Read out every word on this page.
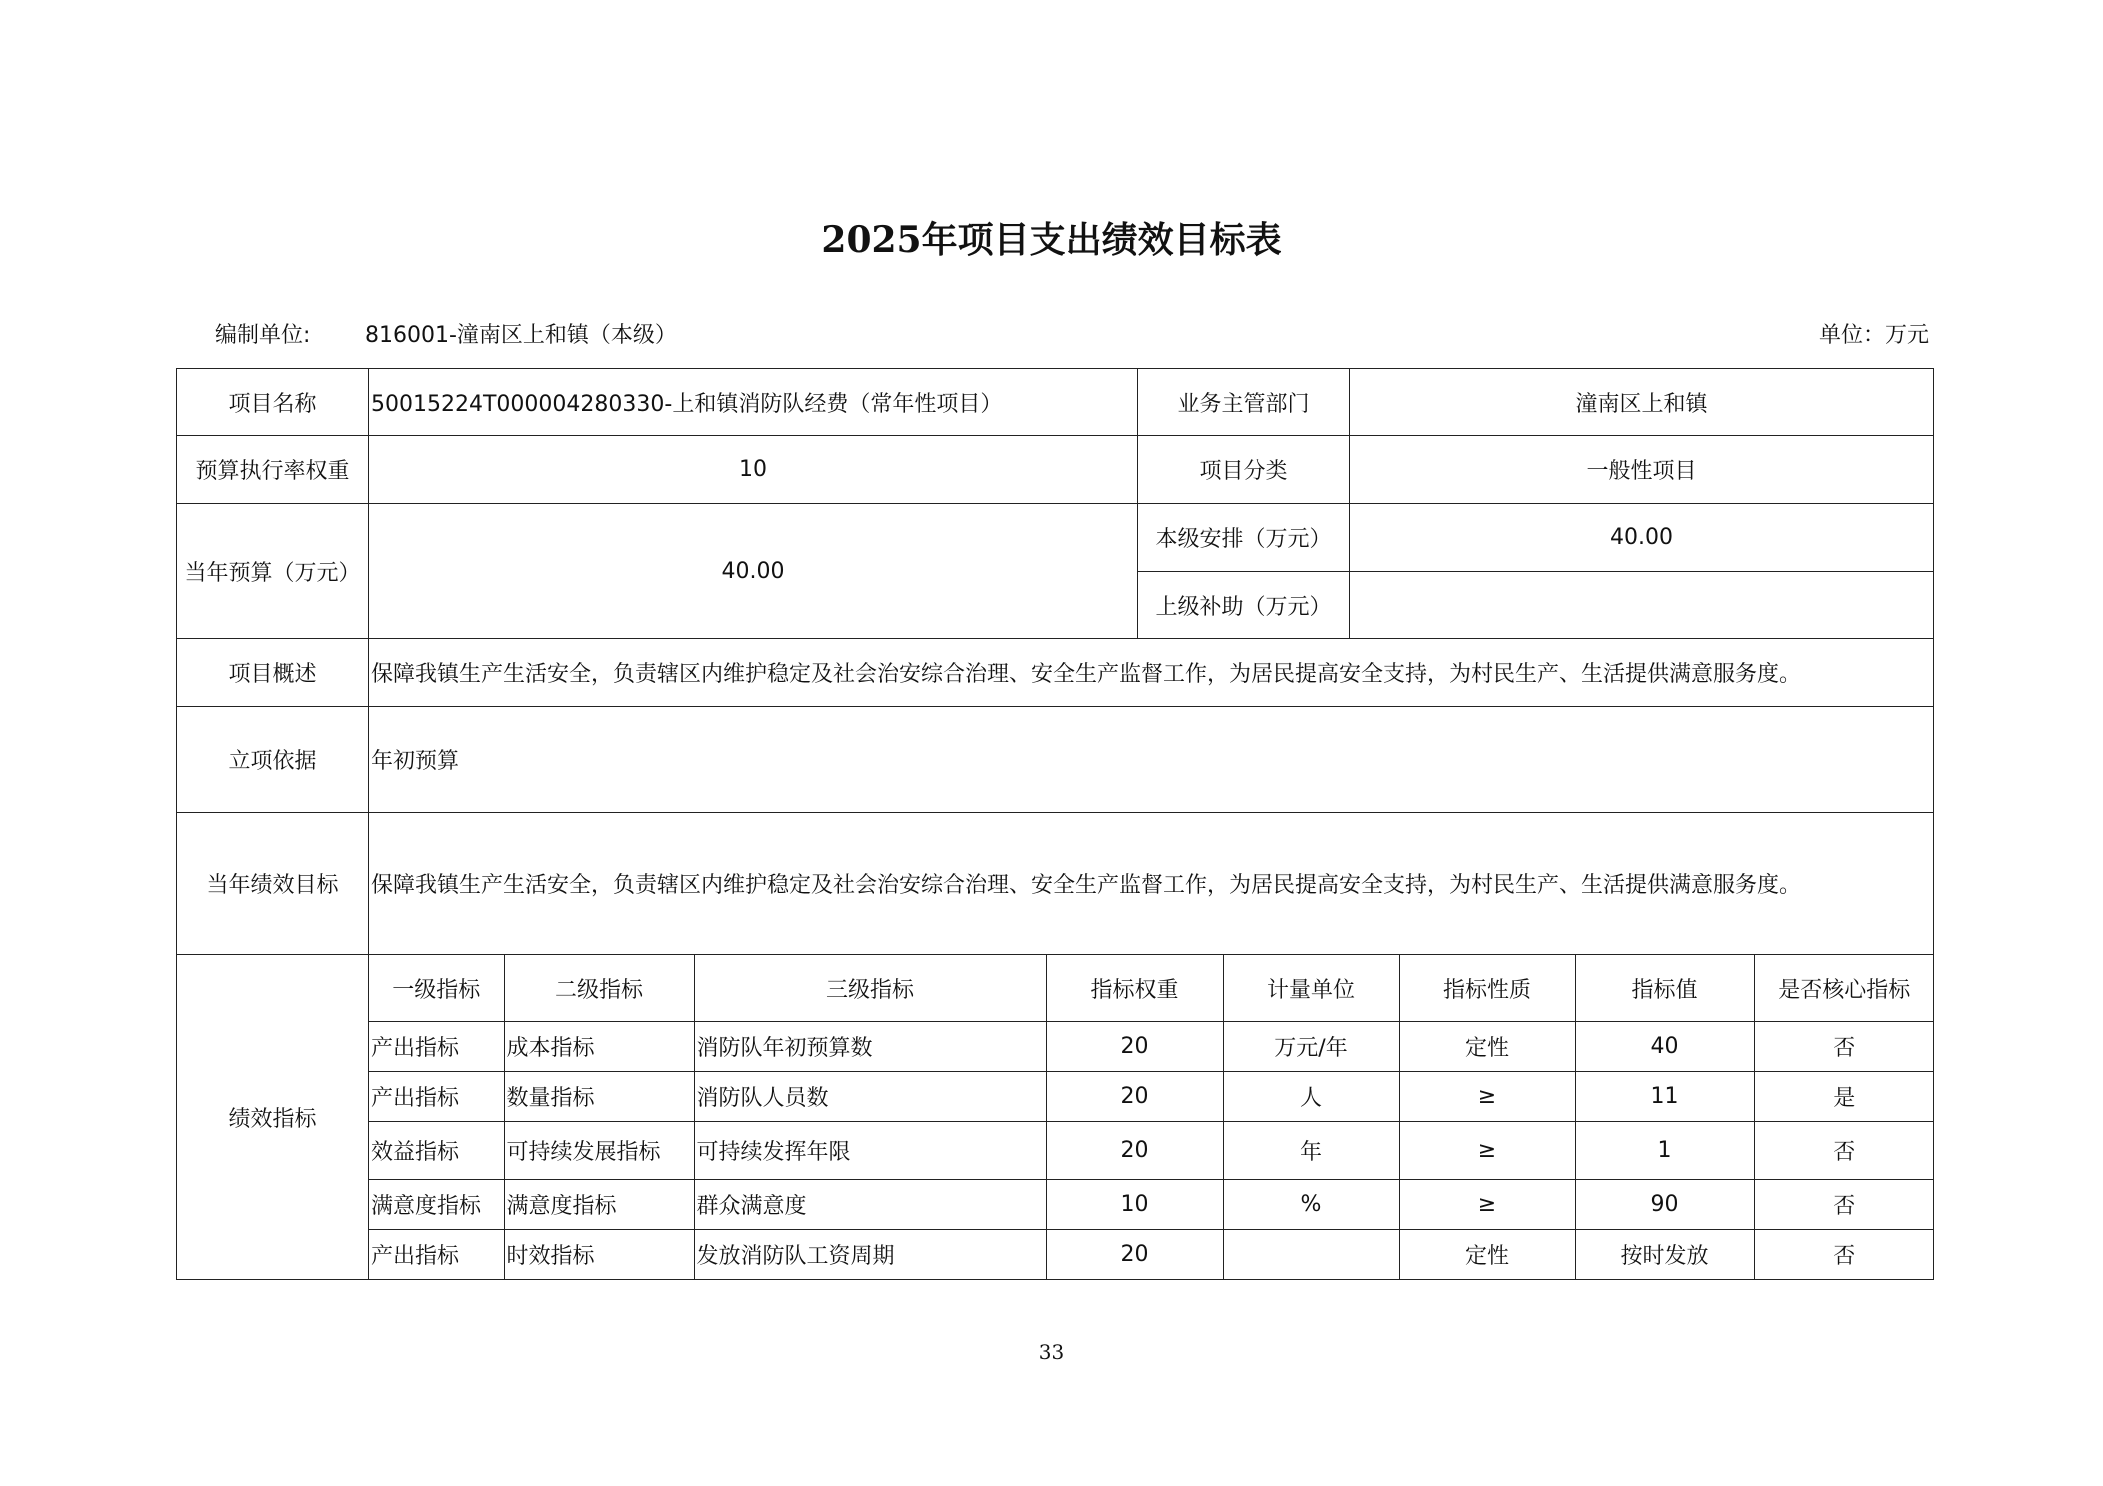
2025年项目支出绩效目标表
编制单位: 816001-潼南区上和镇（本级）	单位：万元
项目名称	50015224T000004280330-上和镇消防队经费（常年性项目）	业务主管部门	潼南区上和镇
预算执行率权重	10	项目分类	一般性项目
当年预算（万元）	40.00	本级安排（万元）	40.00
上级补助（万元）	
项目概述	保障我镇生产生活安全，负责辖区内维护稳定及社会治安综合治理、安全生产监督工作，为居民提高安全支持，为村民生产、生活提供满意服务度。
立项依据	年初预算
当年绩效目标	保障我镇生产生活安全，负责辖区内维护稳定及社会治安综合治理、安全生产监督工作，为居民提高安全支持，为村民生产、生活提供满意服务度。
绩效指标	
一级指标	二级指标	三级指标	指标权重	计量单位	指标性质	指标值	是否核心指标
产出指标	成本指标	消防队年初预算数	20	万元/年	定性	40	否
产出指标	数量指标	消防队人员数	20	人	≥	11	是
效益指标	可持续发展指标	可持续发挥年限	20	年	≥	1	否
满意度指标	满意度指标	群众满意度	10	%	≥	90	否
产出指标	时效指标	发放消防队工资周期	20		定性	按时发放	否
33
